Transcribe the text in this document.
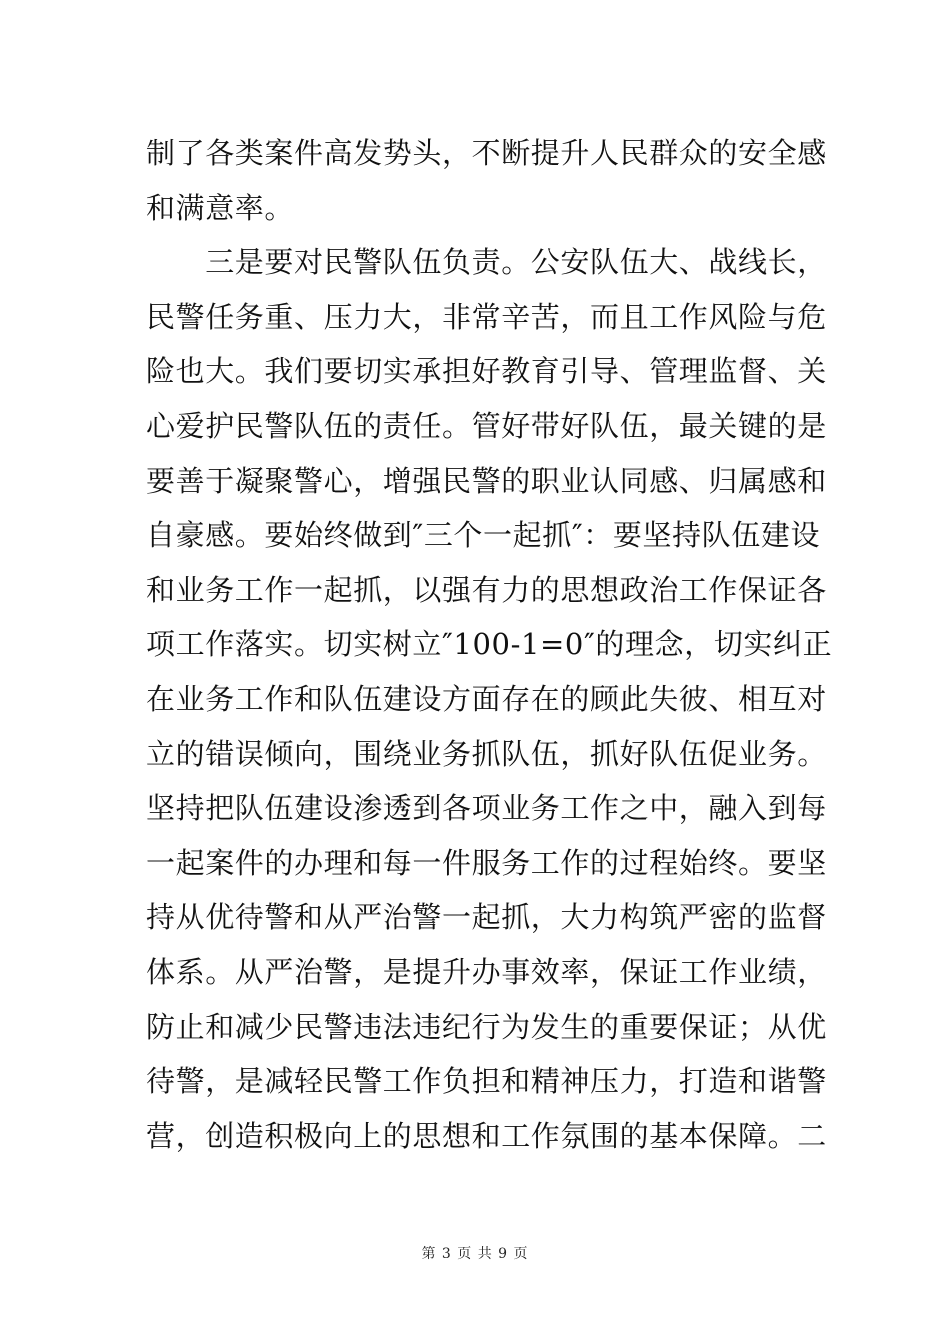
制了各类案件高发势头，不断提升人民群众的安全感
和满意率。
　　三是要对民警队伍负责。公安队伍大、战线长，
民警任务重、压力大，非常辛苦，而且工作风险与危
险也大。我们要切实承担好教育引导、管理监督、关
心爱护民警队伍的责任。管好带好队伍，最关键的是
要善于凝聚警心，增强民警的职业认同感、归属感和
自豪感。要始终做到″三个一起抓″：要坚持队伍建设
和业务工作一起抓，以强有力的思想政治工作保证各
项工作落实。切实树立″100-1=0″的理念，切实纠正
在业务工作和队伍建设方面存在的顾此失彼、相互对
立的错误倾向，围绕业务抓队伍，抓好队伍促业务。
坚持把队伍建设渗透到各项业务工作之中，融入到每
一起案件的办理和每一件服务工作的过程始终。要坚
持从优待警和从严治警一起抓，大力构筑严密的监督
体系。从严治警，是提升办事效率，保证工作业绩，
防止和减少民警违法违纪行为发生的重要保证；从优
待警，是减轻民警工作负担和精神压力，打造和谐警
营，创造积极向上的思想和工作氛围的基本保障。二
第 3 页 共 9 页
